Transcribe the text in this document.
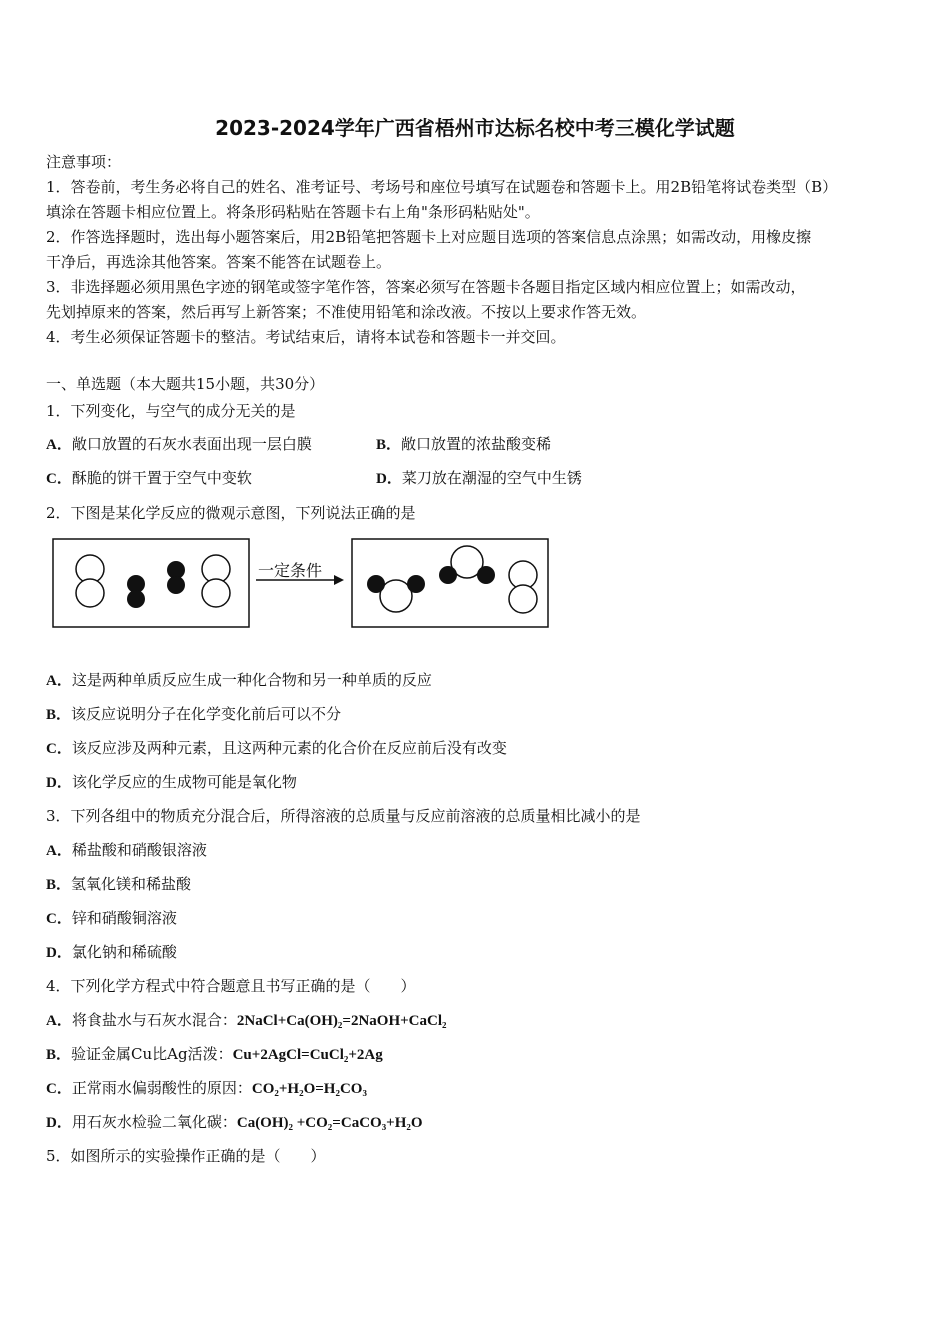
2023-2024学年广西省梧州市达标名校中考三模化学试题
注意事项：
1．答卷前，考生务必将自己的姓名、准考证号、考场号和座位号填写在试题卷和答题卡上。用2B铅笔将试卷类型（B）
填涂在答题卡相应位置上。将条形码粘贴在答题卡右上角"条形码粘贴处"。
2．作答选择题时，选出每小题答案后，用2B铅笔把答题卡上对应题目选项的答案信息点涂黑；如需改动，用橡皮擦
干净后，再选涂其他答案。答案不能答在试题卷上。
3．非选择题必须用黑色字迹的钢笔或签字笔作答，答案必须写在答题卡各题目指定区域内相应位置上；如需改动，
先划掉原来的答案，然后再写上新答案；不准使用铅笔和涂改液。不按以上要求作答无效。
4．考生必须保证答题卡的整洁。考试结束后，请将本试卷和答题卡一并交回。
一、单选题（本大题共15小题，共30分）
1．下列变化，与空气的成分无关的是
A．敞口放置的石灰水表面出现一层白膜	B．敞口放置的浓盐酸变稀
C．酥脆的饼干置于空气中变软	D．菜刀放在潮湿的空气中生锈
2．下图是某化学反应的微观示意图，下列说法正确的是
一定条件
A．这是两种单质反应生成一种化合物和另一种单质的反应
B．该反应说明分子在化学变化前后可以不分
C．该反应涉及两种元素，且这两种元素的化合价在反应前后没有改变
D．该化学反应的生成物可能是氧化物
3．下列各组中的物质充分混合后，所得溶液的总质量与反应前溶液的总质量相比减小的是
A．稀盐酸和硝酸银溶液
B．氢氧化镁和稀盐酸
C．锌和硝酸铜溶液
D．氯化钠和稀硫酸
4．下列化学方程式中符合题意且书写正确的是（　　）
A．将食盐水与石灰水混合：2NaCl+Ca(OH)₂=2NaOH+CaCl₂
B．验证金属Cu比Ag活泼：Cu+2AgCl=CuCl₂+2Ag
C．正常雨水偏弱酸性的原因：CO₂+H₂O=H₂CO₃
D．用石灰水检验二氧化碳：Ca(OH)₂ +CO₂=CaCO₃+H₂O
5．如图所示的实验操作正确的是（　　）
